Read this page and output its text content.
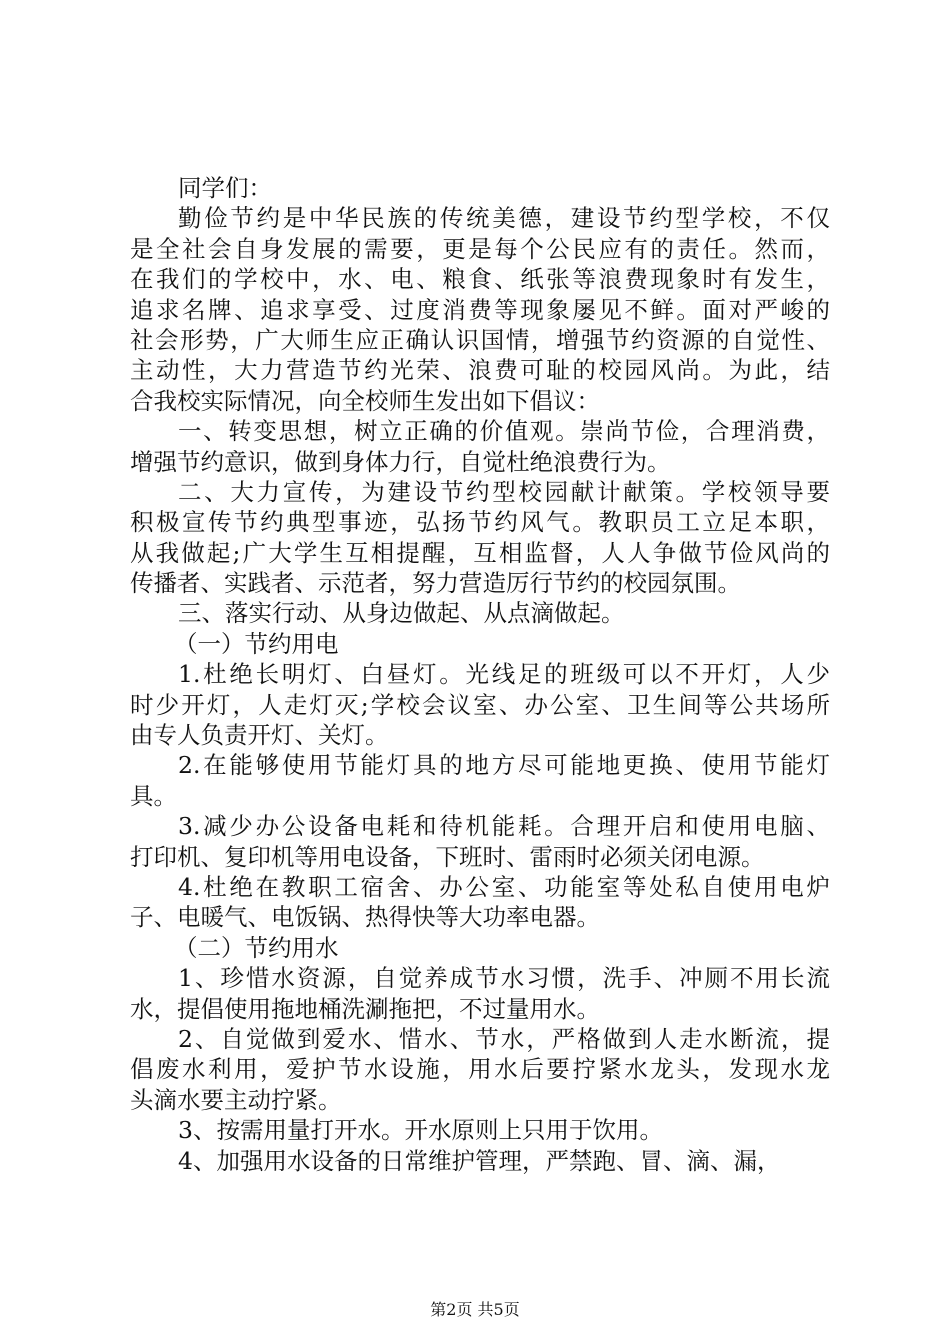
同学们：
勤俭节约是中华民族的传统美德，建设节约型学校，不仅
是全社会自身发展的需要，更是每个公民应有的责任。然而，
在我们的学校中，水、电、粮食、纸张等浪费现象时有发生，
追求名牌、追求享受、过度消费等现象屡见不鲜。面对严峻的
社会形势，广大师生应正确认识国情，增强节约资源的自觉性、
主动性，大力营造节约光荣、浪费可耻的校园风尚。为此，结
合我校实际情况，向全校师生发出如下倡议：
一、转变思想，树立正确的价值观。崇尚节俭，合理消费，
增强节约意识，做到身体力行，自觉杜绝浪费行为。
二、大力宣传，为建设节约型校园献计献策。学校领导要
积极宣传节约典型事迹，弘扬节约风气。教职员工立足本职，
从我做起;广大学生互相提醒，互相监督，人人争做节俭风尚的
传播者、实践者、示范者，努力营造厉行节约的校园氛围。
三、落实行动、从身边做起、从点滴做起。
（一）节约用电
1.杜绝长明灯、白昼灯。光线足的班级可以不开灯，人少
时少开灯，人走灯灭;学校会议室、办公室、卫生间等公共场所
由专人负责开灯、关灯。
2.在能够使用节能灯具的地方尽可能地更换、使用节能灯
具。
3.减少办公设备电耗和待机能耗。合理开启和使用电脑、
打印机、复印机等用电设备，下班时、雷雨时必须关闭电源。
4.杜绝在教职工宿舍、办公室、功能室等处私自使用电炉
子、电暖气、电饭锅、热得快等大功率电器。
（二）节约用水
1、珍惜水资源，自觉养成节水习惯，洗手、冲厕不用长流
水，提倡使用拖地桶洗涮拖把，不过量用水。
2、自觉做到爱水、惜水、节水，严格做到人走水断流，提
倡废水利用，爱护节水设施，用水后要拧紧水龙头，发现水龙
头滴水要主动拧紧。
3、按需用量打开水。开水原则上只用于饮用。
4、加强用水设备的日常维护管理，严禁跑、冒、滴、漏，
第2页 共5页
